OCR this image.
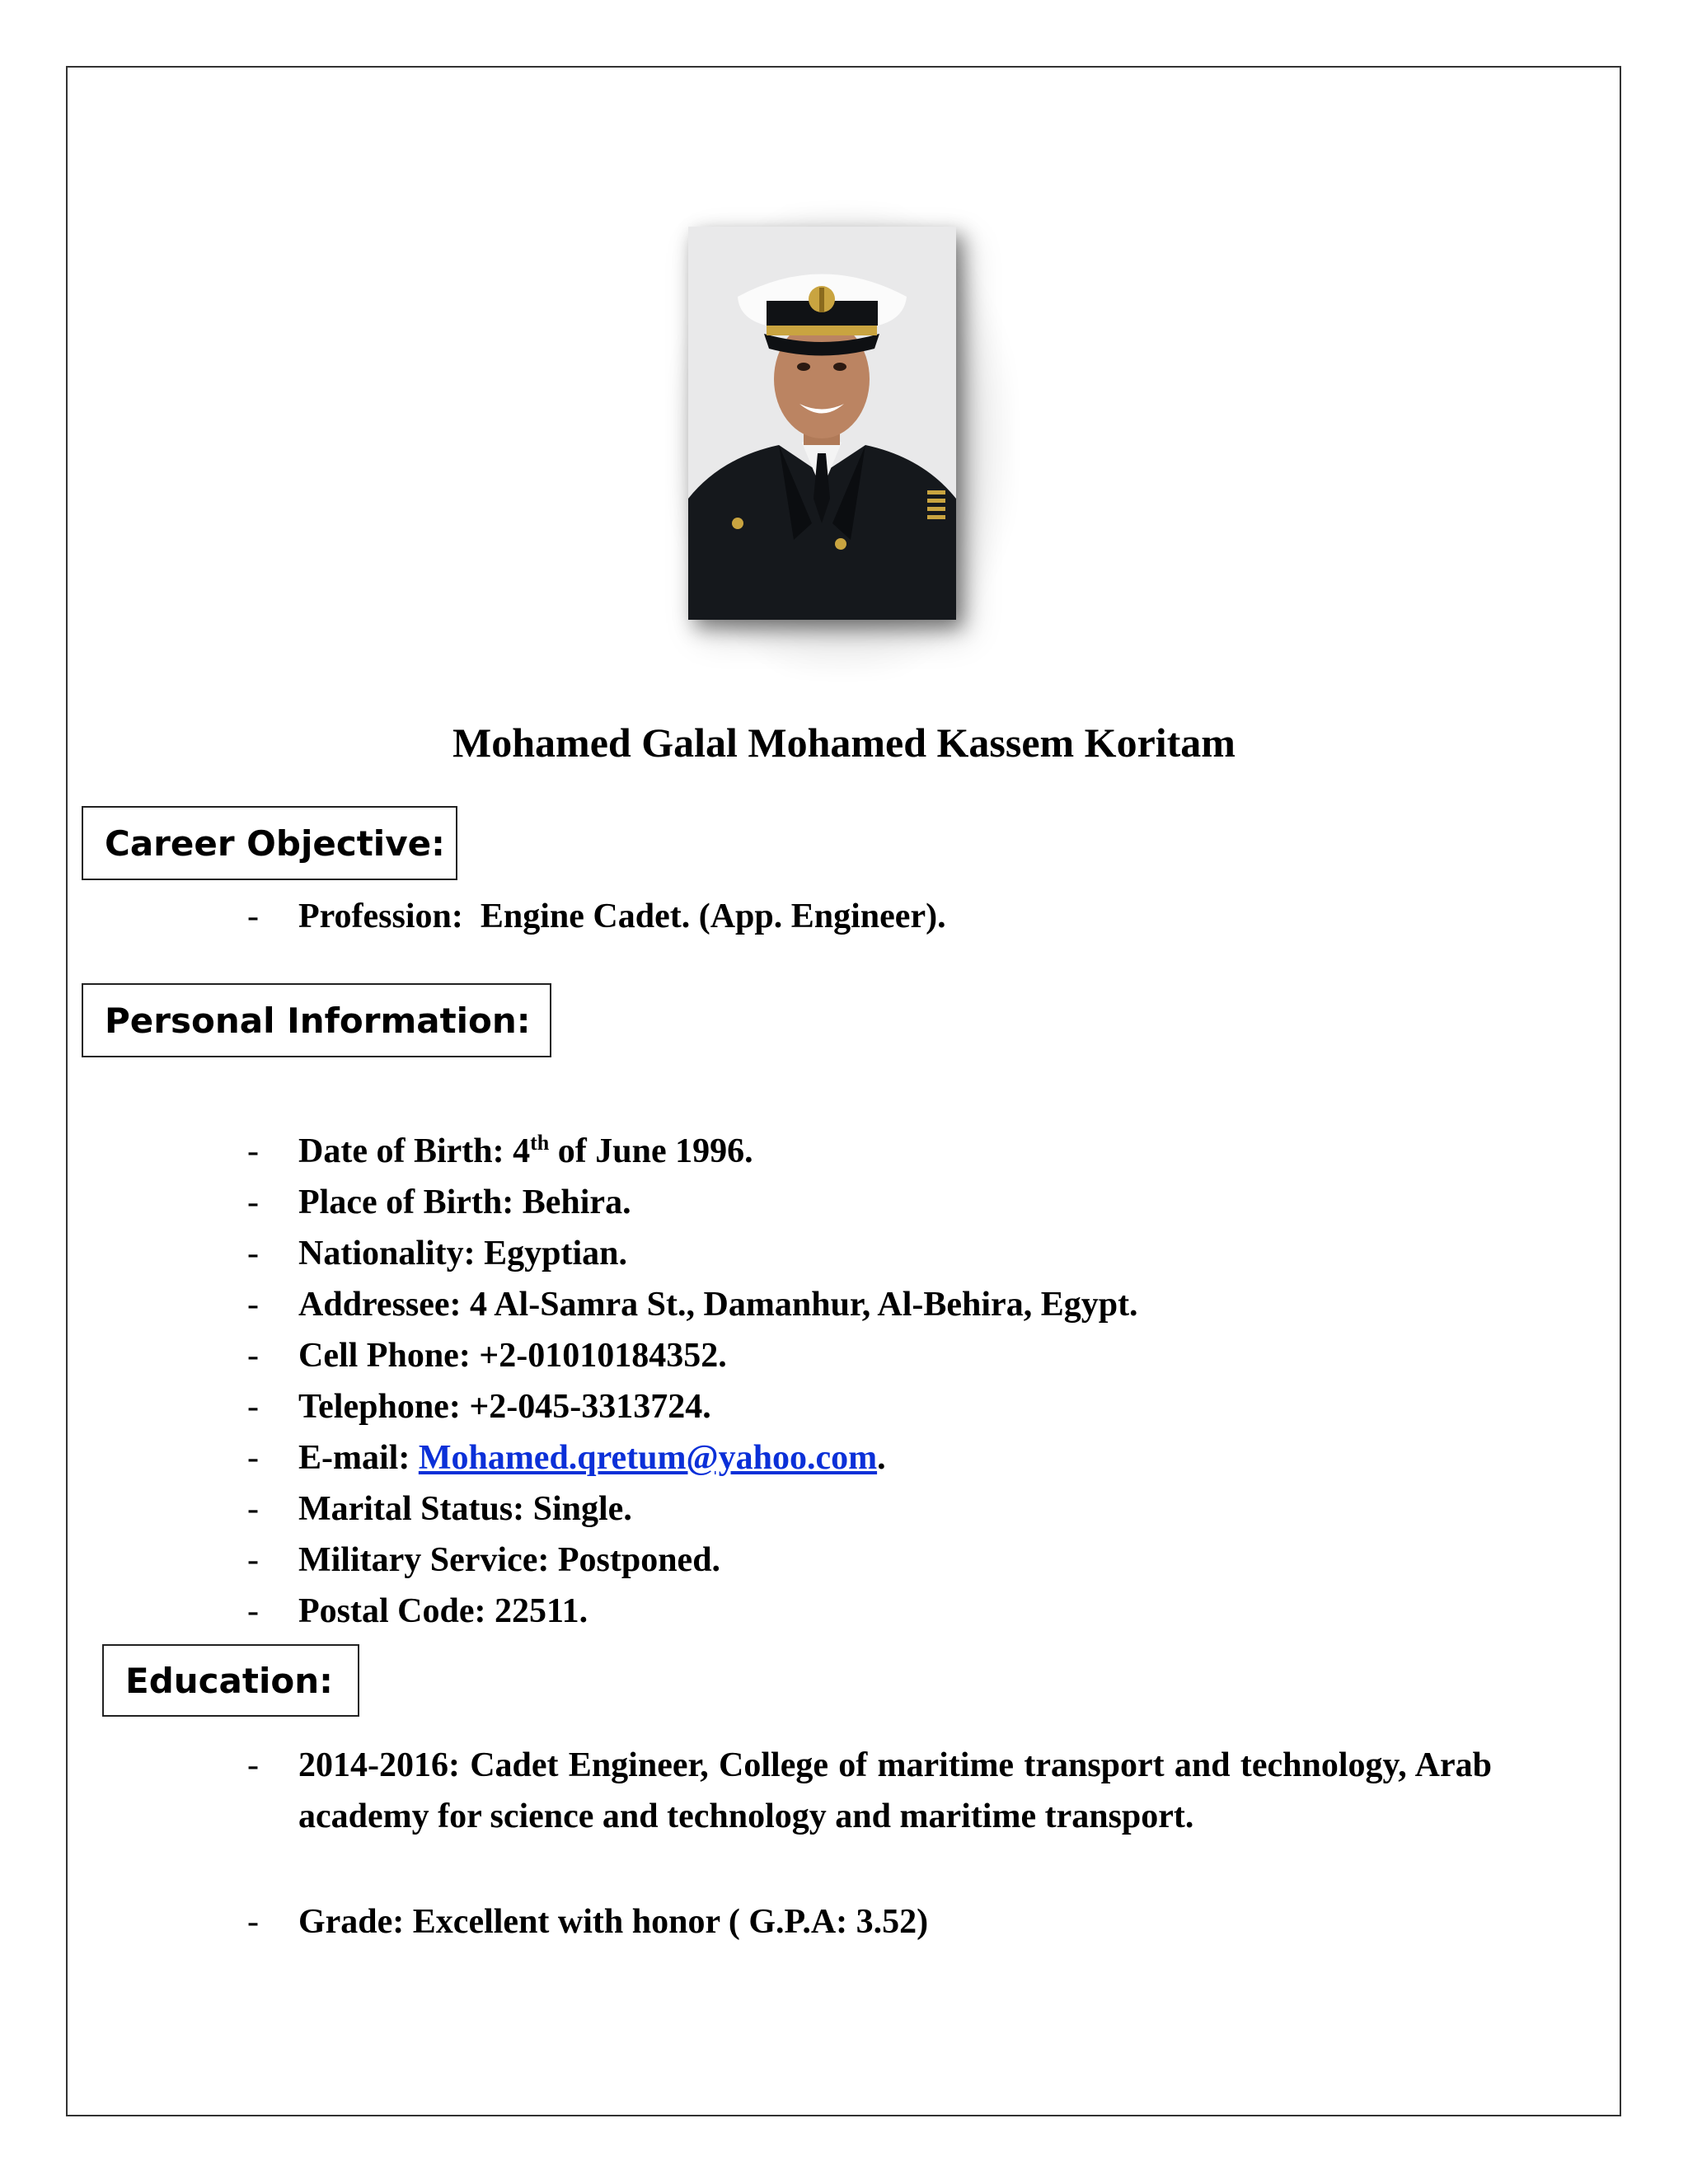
Mohamed Galal Mohamed Kassem Koritam
Career Objective:
- Profession: Engine Cadet. (App. Engineer).
Personal Information:
- Date of Birth: 4th of June 1996.
- Place of Birth: Behira.
- Nationality: Egyptian.
- Addressee: 4 Al-Samra St., Damanhur, Al-Behira, Egypt.
- Cell Phone: +2-01010184352.
- Telephone: +2-045-3313724.
- E-mail: Mohamed.qretum@yahoo.com.
- Marital Status: Single.
- Military Service: Postponed.
- Postal Code: 22511.
Education:
- 2014-2016: Cadet Engineer, College of maritime transport and technology, Arab academy for science and technology and maritime transport.
- Grade: Excellent with honor ( G.P.A: 3.52)
